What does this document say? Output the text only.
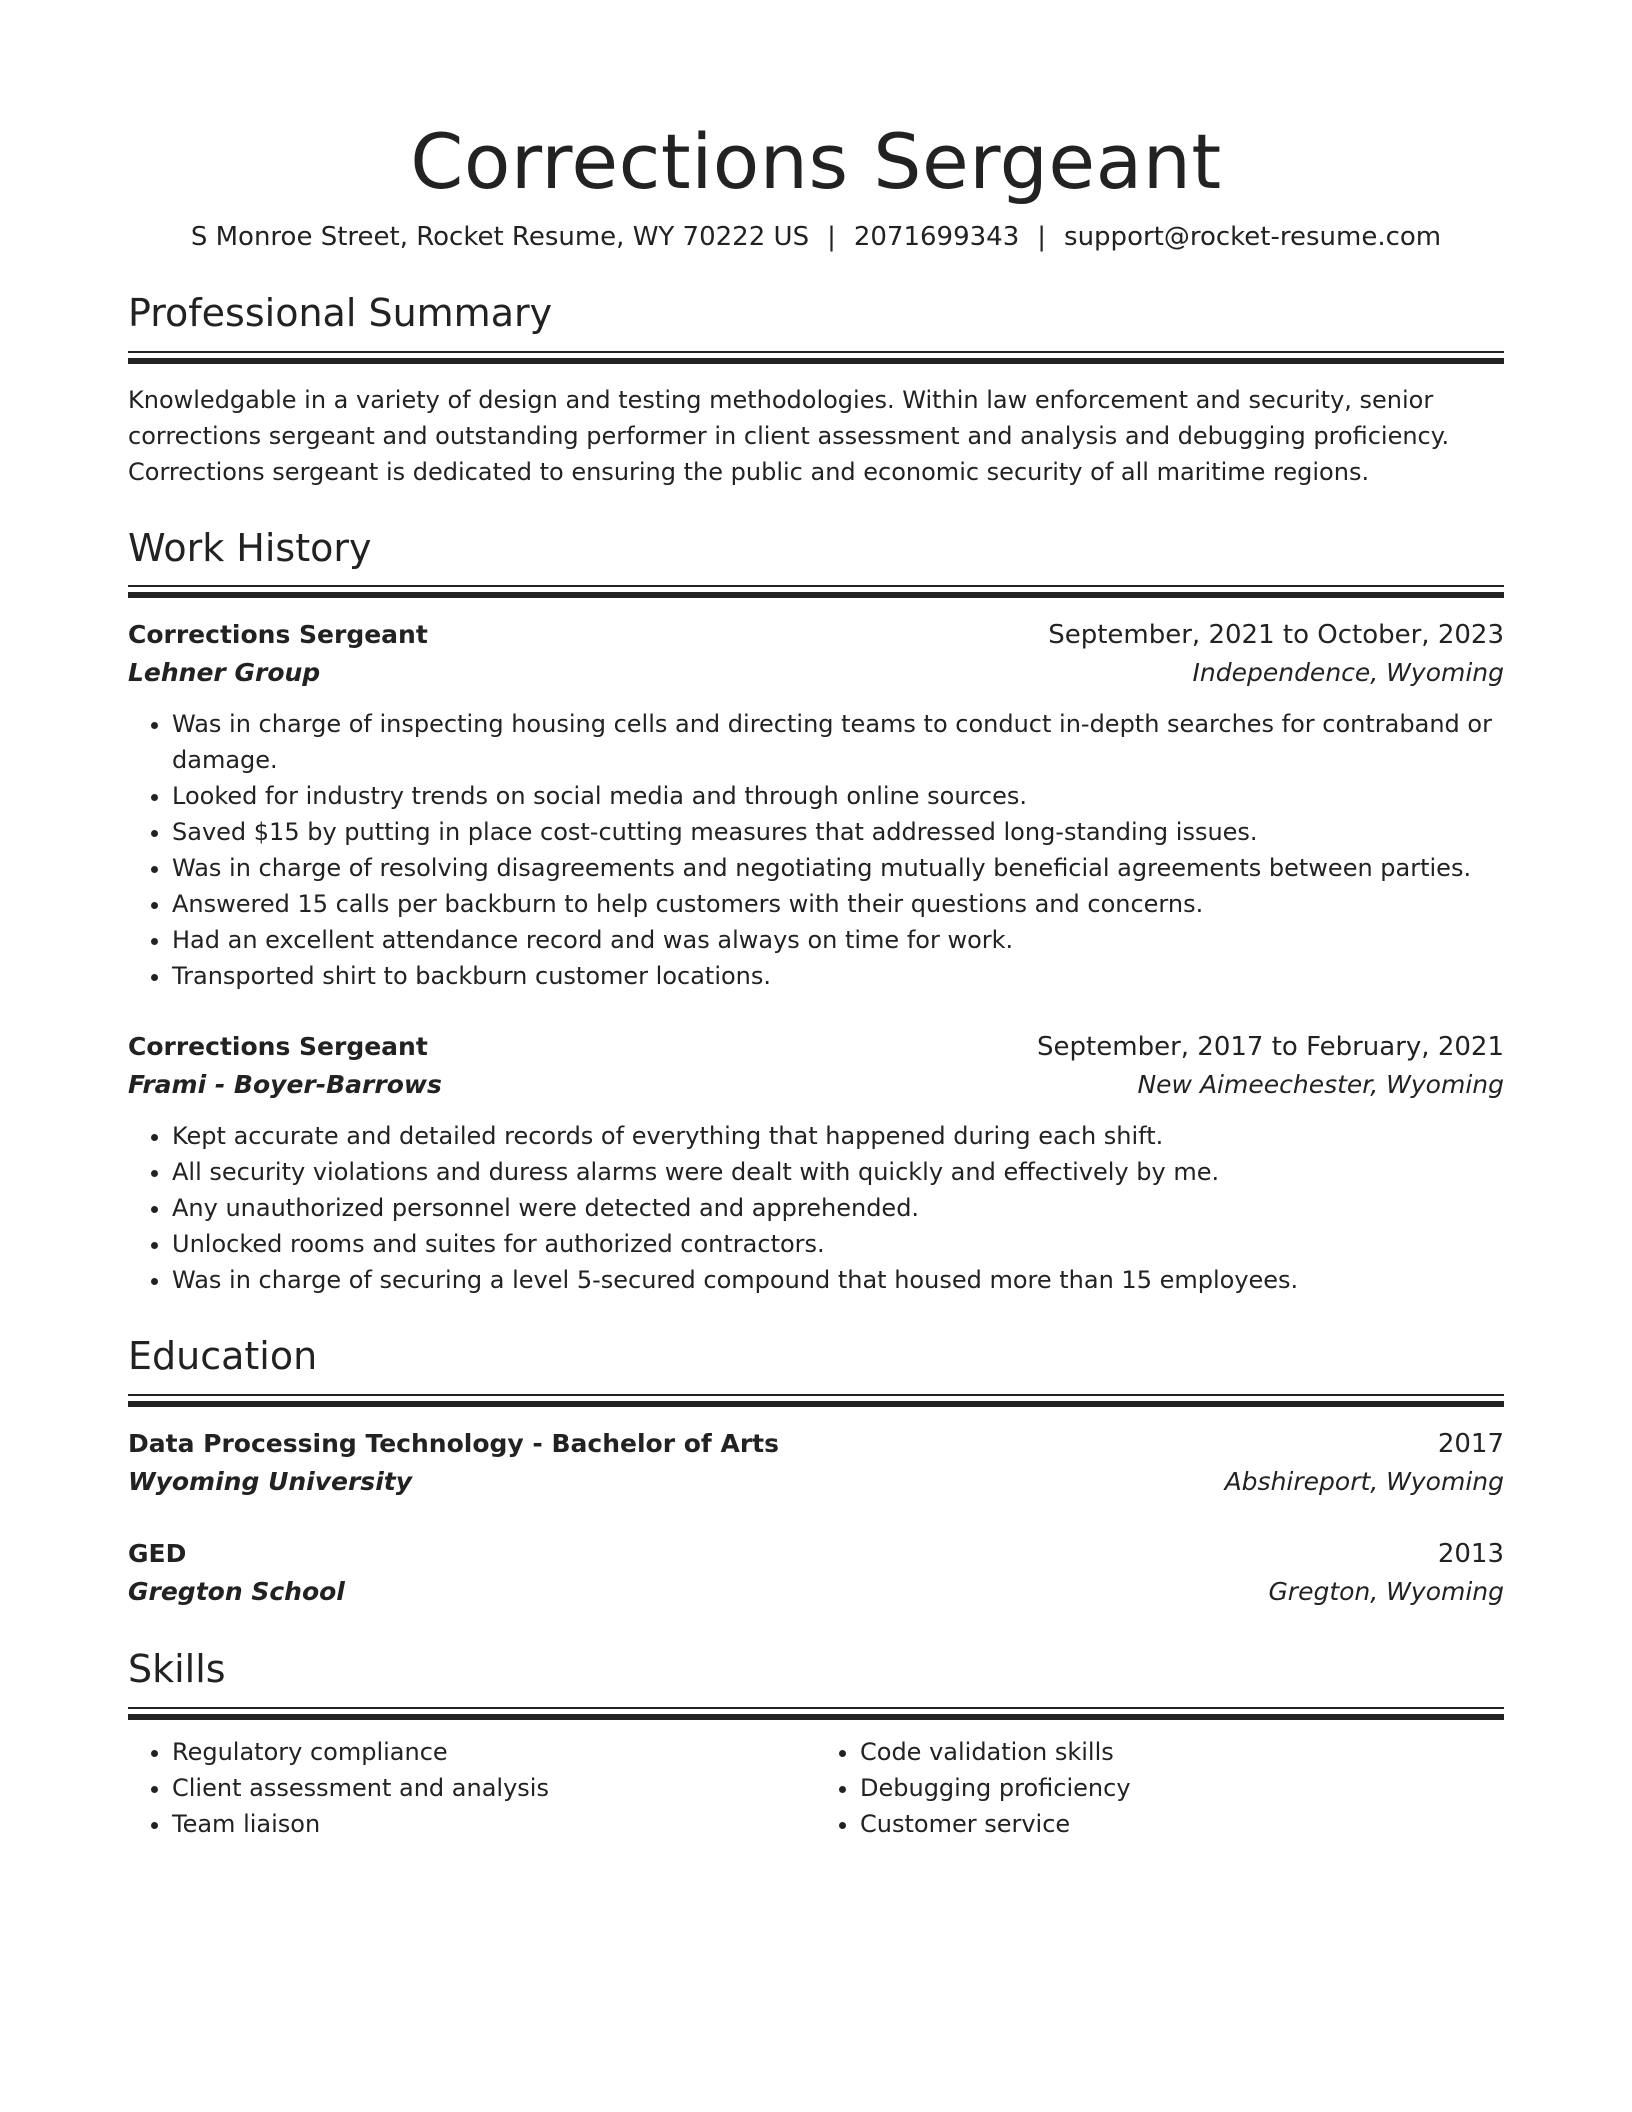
Corrections Sergeant
S Monroe Street, Rocket Resume, WY 70222 US | 2071699343 | support@rocket-resume.com
Professional Summary

Knowledgable in a variety of design and testing methodologies. Within law enforcement and security, senior corrections sergeant and outstanding performer in client assessment and analysis and debugging proficiency. Corrections sergeant is dedicated to ensuring the public and economic security of all maritime regions.

Work History
Corrections Sergeant	September, 2021 to October, 2023
Lehner Group	Independence, Wyoming
• Was in charge of inspecting housing cells and directing teams to conduct in-depth searches for contraband or damage.
• Looked for industry trends on social media and through online sources.
• Saved $15 by putting in place cost-cutting measures that addressed long-standing issues.
• Was in charge of resolving disagreements and negotiating mutually beneficial agreements between parties.
• Answered 15 calls per backburn to help customers with their questions and concerns.
• Had an excellent attendance record and was always on time for work.
• Transported shirt to backburn customer locations.
Corrections Sergeant	September, 2017 to February, 2021
Frami - Boyer-Barrows	New Aimeechester, Wyoming
• Kept accurate and detailed records of everything that happened during each shift.
• All security violations and duress alarms were dealt with quickly and effectively by me.
• Any unauthorized personnel were detected and apprehended.
• Unlocked rooms and suites for authorized contractors.
• Was in charge of securing a level 5-secured compound that housed more than 15 employees.
Education
Data Processing Technology - Bachelor of Arts	2017
Wyoming University	Abshireport, Wyoming
GED	2013
Gregton School	Gregton, Wyoming
Skills
• Regulatory compliance
• Client assessment and analysis
• Team liaison
• Code validation skills
• Debugging proficiency
• Customer service
